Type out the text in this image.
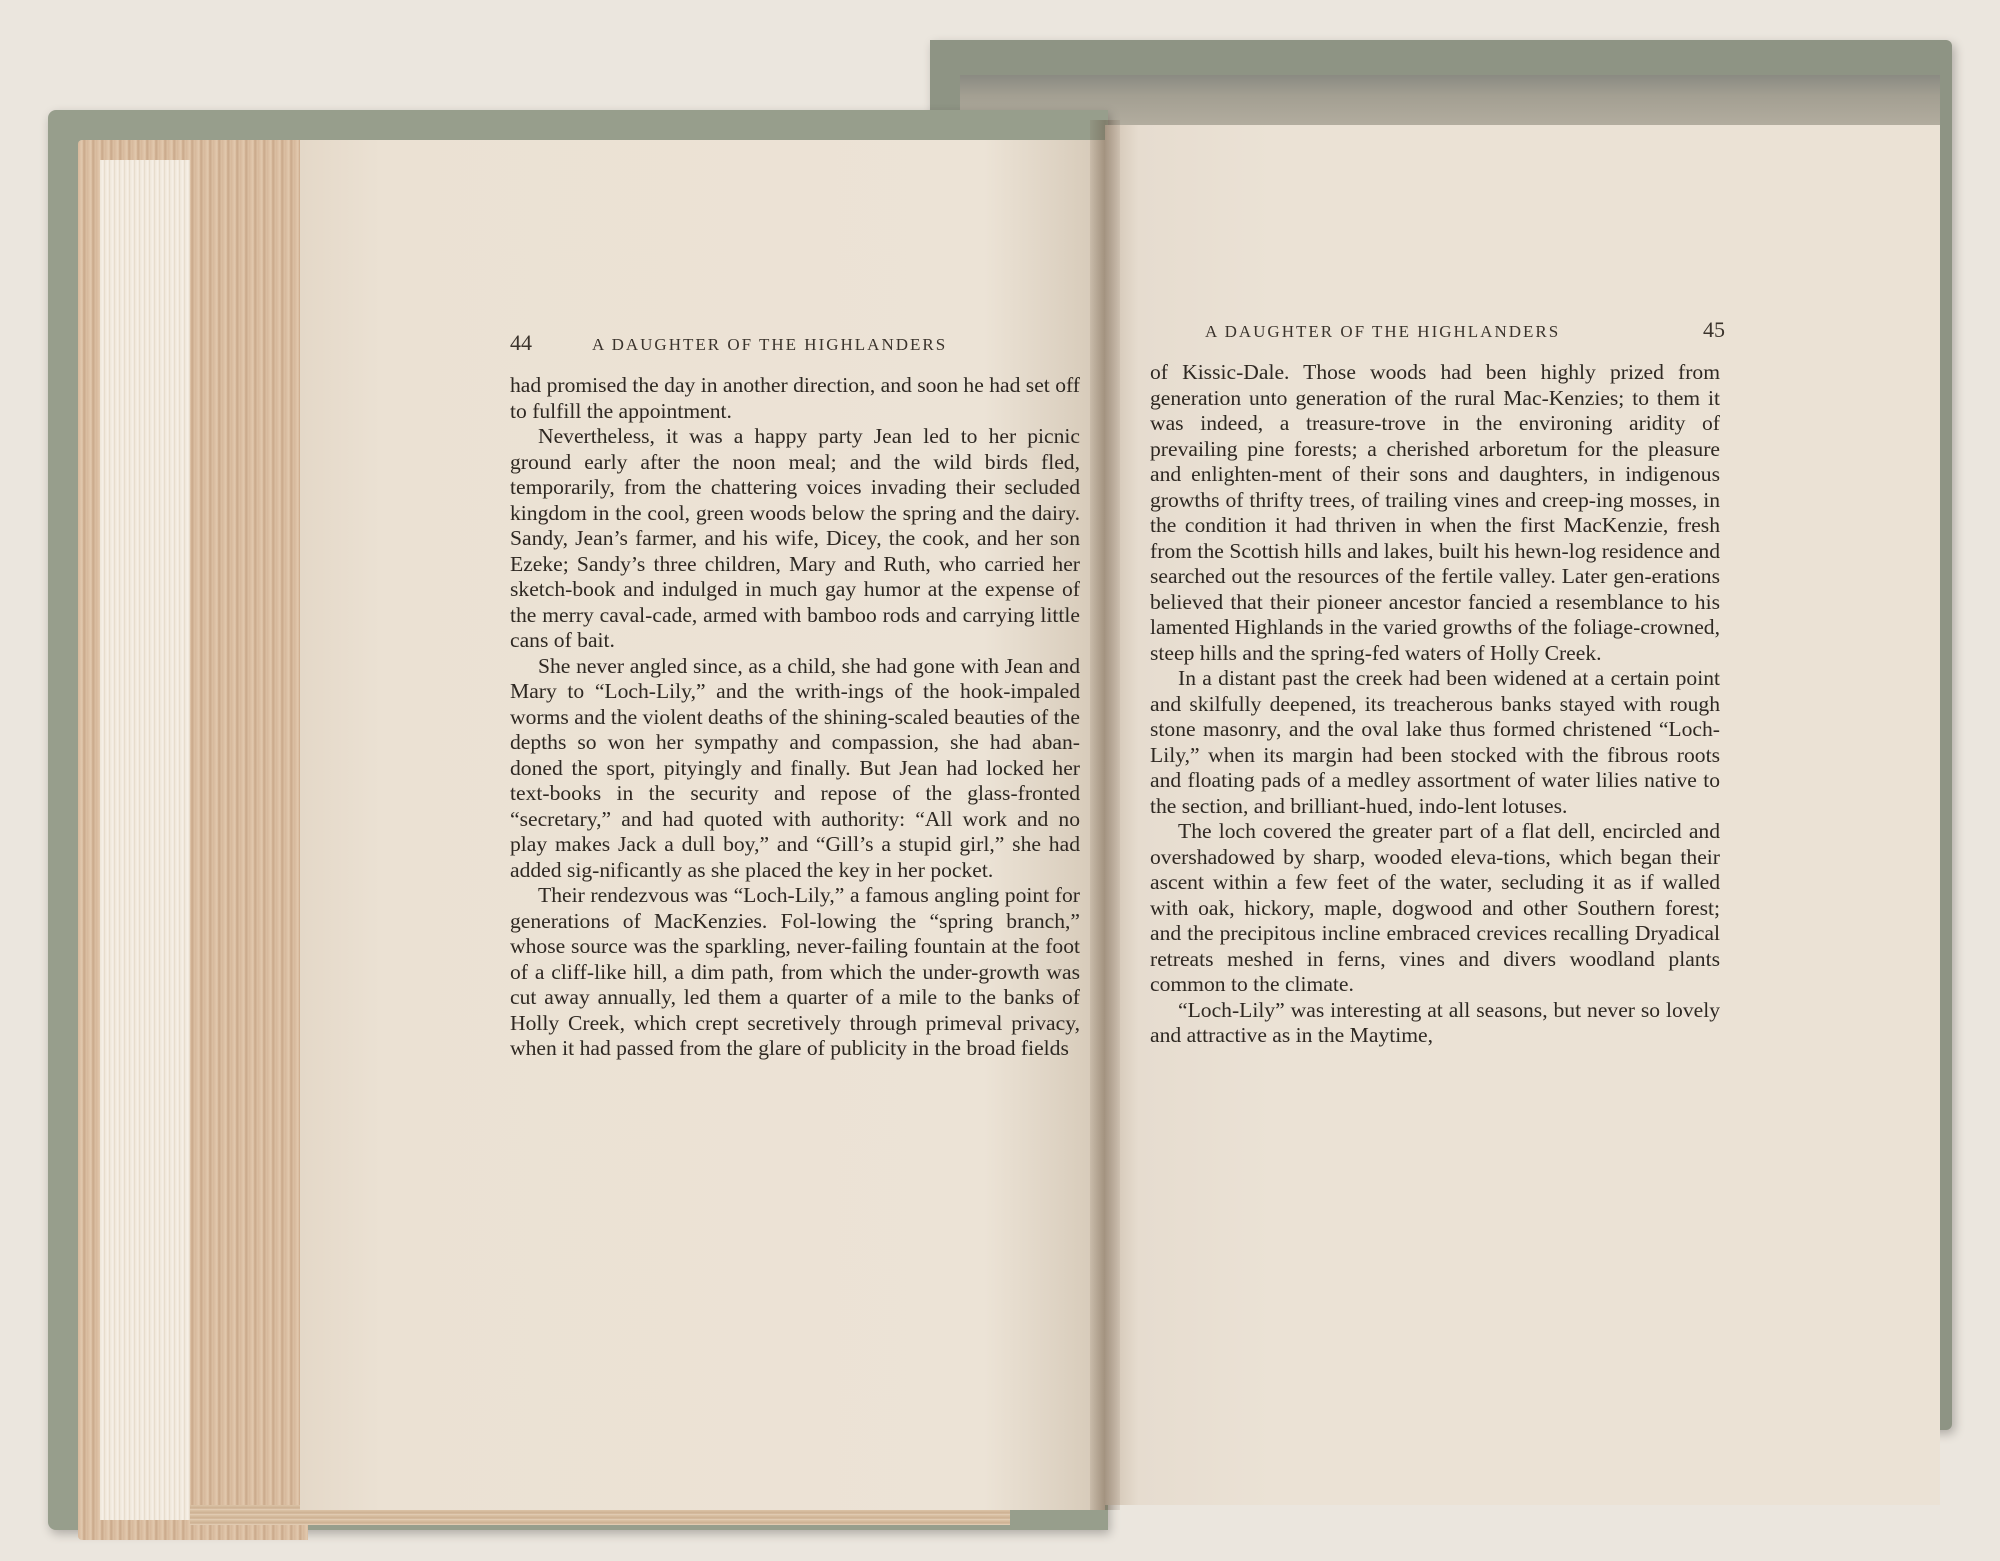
44	A DAUGHTER OF THE HIGHLANDERS

had promised the day in another direction, and soon he had set off to fulfill the appointment.

Nevertheless, it was a happy party Jean led to her picnic ground early after the noon meal; and the wild birds fled, temporarily, from the chattering voices invading their secluded kingdom in the cool, green woods below the spring and the dairy. Sandy, Jean’s farmer, and his wife, Dicey, the cook, and her son Ezeke; Sandy’s three children, Mary and Ruth, who carried her sketch-book and indulged in much gay humor at the expense of the merry caval-cade, armed with bamboo rods and carrying little cans of bait.

She never angled since, as a child, she had gone with Jean and Mary to “Loch-Lily,” and the writh-ings of the hook-impaled worms and the violent deaths of the shining-scaled beauties of the depths so won her sympathy and compassion, she had aban-doned the sport, pityingly and finally. But Jean had locked her text-books in the security and repose of the glass-fronted “secretary,” and had quoted with authority: “All work and no play makes Jack a dull boy,” and “Gill’s a stupid girl,” she had added sig-nificantly as she placed the key in her pocket.

Their rendezvous was “Loch-Lily,” a famous angling point for generations of MacKenzies. Fol-lowing the “spring branch,” whose source was the sparkling, never-failing fountain at the foot of a cliff-like hill, a dim path, from which the under-growth was cut away annually, led them a quarter of a mile to the banks of Holly Creek, which crept secretively through primeval privacy, when it had passed from the glare of publicity in the broad fields

A DAUGHTER OF THE HIGHLANDERS	45

of Kissic-Dale. Those woods had been highly prized from generation unto generation of the rural Mac-Kenzies; to them it was indeed, a treasure-trove in the environing aridity of prevailing pine forests; a cherished arboretum for the pleasure and enlighten-ment of their sons and daughters, in indigenous growths of thrifty trees, of trailing vines and creep-ing mosses, in the condition it had thriven in when the first MacKenzie, fresh from the Scottish hills and lakes, built his hewn-log residence and searched out the resources of the fertile valley. Later gen-erations believed that their pioneer ancestor fancied a resemblance to his lamented Highlands in the varied growths of the foliage-crowned, steep hills and the spring-fed waters of Holly Creek.

In a distant past the creek had been widened at a certain point and skilfully deepened, its treacherous banks stayed with rough stone masonry, and the oval lake thus formed christened “Loch-Lily,” when its margin had been stocked with the fibrous roots and floating pads of a medley assortment of water lilies native to the section, and brilliant-hued, indo-lent lotuses.

The loch covered the greater part of a flat dell, encircled and overshadowed by sharp, wooded eleva-tions, which began their ascent within a few feet of the water, secluding it as if walled with oak, hickory, maple, dogwood and other Southern forest; and the precipitous incline embraced crevices recalling Dryadical retreats meshed in ferns, vines and divers woodland plants common to the climate.

“Loch-Lily” was interesting at all seasons, but never so lovely and attractive as in the Maytime,
